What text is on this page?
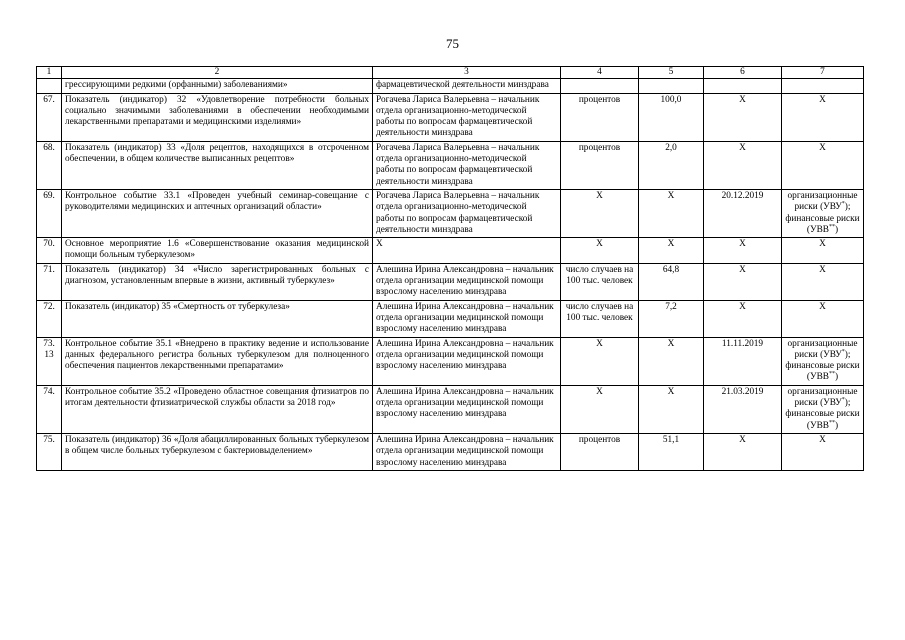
75
1	2	3	4	5	6	7
	грессирующими редкими (орфанными) заболеваниями»	фармацевтической деятельности минздрава				
67.	Показатель (индикатор) 32 «Удовлетворение потребности больных социально значимыми заболеваниями в обеспечении необходимыми лекарственными препаратами и медицинскими изделиями»	Рогачева Лариса Валерьевна – начальник отдела организационно-методической работы по вопросам фармацевтической деятельности минздрава	процентов	100,0	X	X
68.	Показатель (индикатор) 33 «Доля рецептов, находящихся в отсроченном обеспечении, в общем количестве выписанных рецептов»	Рогачева Лариса Валерьевна – начальник отдела организационно-методической работы по вопросам фармацевтической деятельности минздрава	процентов	2,0	X	X
69.	Контрольное событие 33.1 «Проведен учебный семинар-совещание с руководителями медицинских и аптечных организаций области»	Рогачева Лариса Валерьевна – начальник отдела организационно-методической работы по вопросам фармацевтической деятельности минздрава	X	X	20.12.2019	организационные риски (УВУ*); финансовые риски (УВВ**)
70.	Основное мероприятие 1.6 «Совершенствование оказания медицинской помощи больным туберкулезом»	X	X	X	X	X
71.	Показатель (индикатор) 34 «Число зарегистрированных больных с диагнозом, установленным впервые в жизни, активный туберкулез»	Алешина Ирина Александровна – начальник отдела организации медицинской помощи взрослому населению минздрава	число случаев на 100 тыс. человек	64,8	X	X
72.	Показатель (индикатор) 35 «Смертность от туберкулеза»	Алешина Ирина Александровна – начальник отдела организации медицинской помощи взрослому населению минздрава	число случаев на 100 тыс. человек	7,2	X	X
73.
13	Контрольное событие 35.1 «Внедрено в практику ведение и использование данных федерального регистра больных туберкулезом для полноценного обеспечения пациентов лекарственными препаратами»	Алешина Ирина Александровна – начальник отдела организации медицинской помощи взрослому населению минздрава	X	X	11.11.2019	организационные риски (УВУ*); финансовые риски (УВВ**)
74.	Контрольное событие 35.2 «Проведено областное совещания фтизиатров по итогам деятельности фтизиатрической службы области за 2018 год»	Алешина Ирина Александровна – начальник отдела организации медицинской помощи взрослому населению минздрава	X	X	21.03.2019	организационные риски (УВУ*); финансовые риски (УВВ**)
75.	Показатель (индикатор) 36 «Доля абациллированных больных туберкулезом в общем числе больных туберкулезом с бактериовыделением»	Алешина Ирина Александровна – начальник отдела организации медицинской помощи взрослому населению минздрава	процентов	51,1	X	X
